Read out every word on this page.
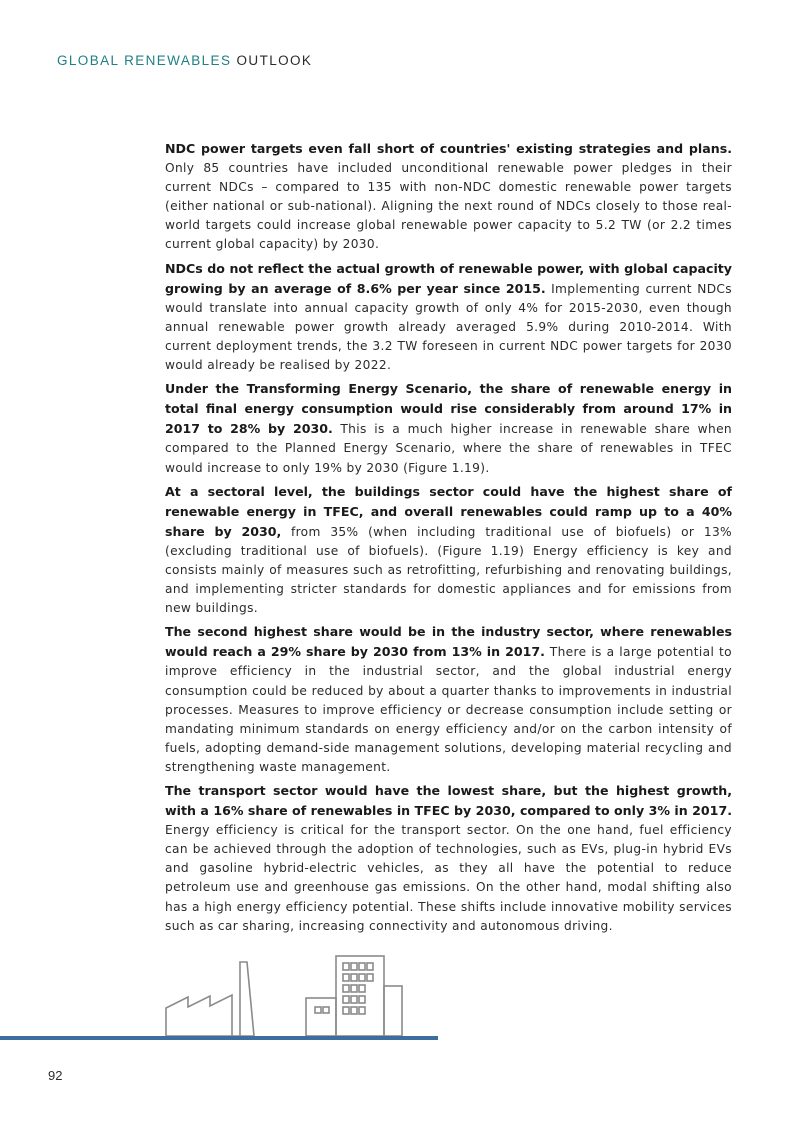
GLOBAL RENEWABLES OUTLOOK

NDC power targets even fall short of countries' existing strategies and plans. Only 85 countries have included unconditional renewable power pledges in their current NDCs – compared to 135 with non-NDC domestic renewable power targets (either national or sub-national). Aligning the next round of NDCs closely to those real-world targets could increase global renewable power capacity to 5.2 TW (or 2.2 times current global capacity) by 2030.

NDCs do not reflect the actual growth of renewable power, with global capacity growing by an average of 8.6% per year since 2015. Implementing current NDCs would translate into annual capacity growth of only 4% for 2015-2030, even though annual renewable power growth already averaged 5.9% during 2010-2014. With current deployment trends, the 3.2 TW foreseen in current NDC power targets for 2030 would already be realised by 2022.

Under the Transforming Energy Scenario, the share of renewable energy in total final energy consumption would rise considerably from around 17% in 2017 to 28% by 2030. This is a much higher increase in renewable share when compared to the Planned Energy Scenario, where the share of renewables in TFEC would increase to only 19% by 2030 (Figure 1.19).

At a sectoral level, the buildings sector could have the highest share of renewable energy in TFEC, and overall renewables could ramp up to a 40% share by 2030, from 35% (when including traditional use of biofuels) or 13% (excluding traditional use of biofuels). (Figure 1.19) Energy efficiency is key and consists mainly of measures such as retrofitting, refurbishing and renovating buildings, and implementing stricter standards for domestic appliances and for emissions from new buildings.

The second highest share would be in the industry sector, where renewables would reach a 29% share by 2030 from 13% in 2017. There is a large potential to improve efficiency in the industrial sector, and the global industrial energy consumption could be reduced by about a quarter thanks to improvements in industrial processes. Measures to improve efficiency or decrease consumption include setting or mandating minimum standards on energy efficiency and/or on the carbon intensity of fuels, adopting demand-side management solutions, developing material recycling and strengthening waste management.

The transport sector would have the lowest share, but the highest growth, with a 16% share of renewables in TFEC by 2030, compared to only 3% in 2017. Energy efficiency is critical for the transport sector. On the one hand, fuel efficiency can be achieved through the adoption of technologies, such as EVs, plug-in hybrid EVs and gasoline hybrid-electric vehicles, as they all have the potential to reduce petroleum use and greenhouse gas emissions. On the other hand, modal shifting also has a high energy efficiency potential. These shifts include innovative mobility services such as car sharing, increasing connectivity and autonomous driving.

92
